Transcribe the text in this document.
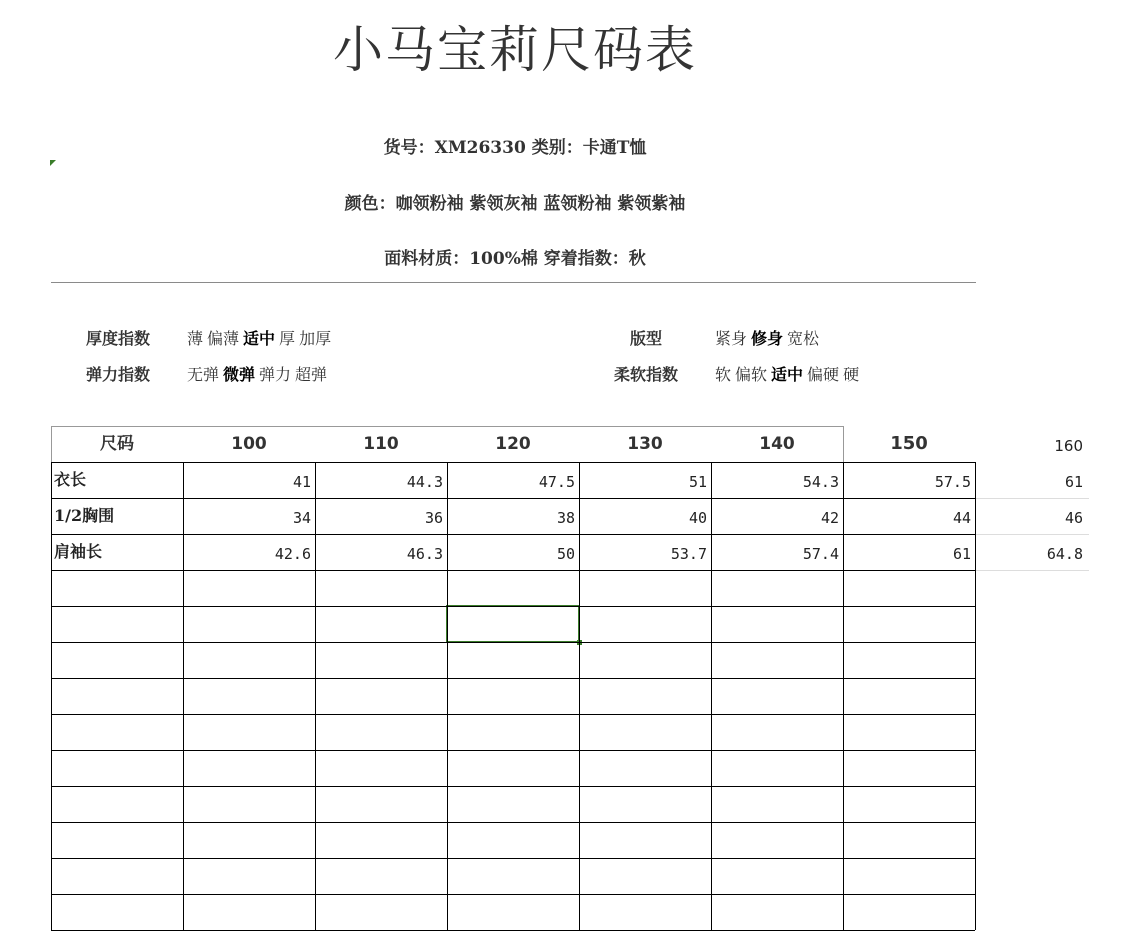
小马宝莉尺码表
货号：XM26330 类别：卡通T恤
颜色：咖领粉袖 紫领灰袖 蓝领粉袖 紫领紫袖
面料材质：100%棉 穿着指数：秋
厚度指数	薄 偏薄 适中 厚 加厚
弹力指数	无弹 微弹 弹力 超弹
版型	紧身 修身 宽松
柔软指数	软 偏软 适中 偏硬 硬
尺码	100	110	120	130	140	150	160
衣长	41	44.3	47.5	51	54.3	57.5	61
1/2胸围	34	36	38	40	42	44	46
肩袖长	42.6	46.3	50	53.7	57.4	61	64.8
